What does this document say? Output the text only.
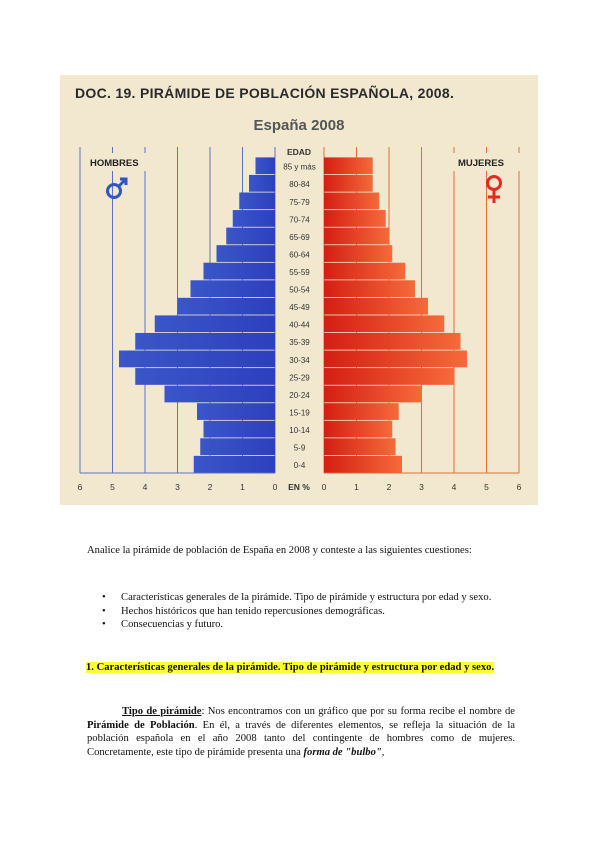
DOC. 19. PIRÁMIDE DE POBLACIÓN ESPAÑOLA, 2008.
España 2008
85 y más
80-84
75-79
70-74
65-69
60-64
55-59
50-54
45-49
40-44
35-39
30-34
25-29
20-24
15-19
10-14
5-9
0-4
6	5	4	3	2	1	0	0	1	2	3	4	5	6
EDAD
EN %
HOMBRES	MUJERES
Analice la pirámide de población de España en 2008 y conteste a las siguientes cuestiones:
• Características generales de la pirámide. Tipo de pirámide y estructura por edad y sexo.
• Hechos históricos que han tenido repercusiones demográficas.
• Consecuencias y futuro.
1. Características generales de la pirámide. Tipo de pirámide y estructura por edad y sexo.
Tipo de pirámide: Nos encontramos con un gráfico que por su forma recibe el nombre de Pirámide de Población. En él, a través de diferentes elementos, se refleja la situación de la población española en el año 2008 tanto del contingente de hombres como de mujeres. Concretamente, este tipo de pirámide presenta una forma de "bulbo",
